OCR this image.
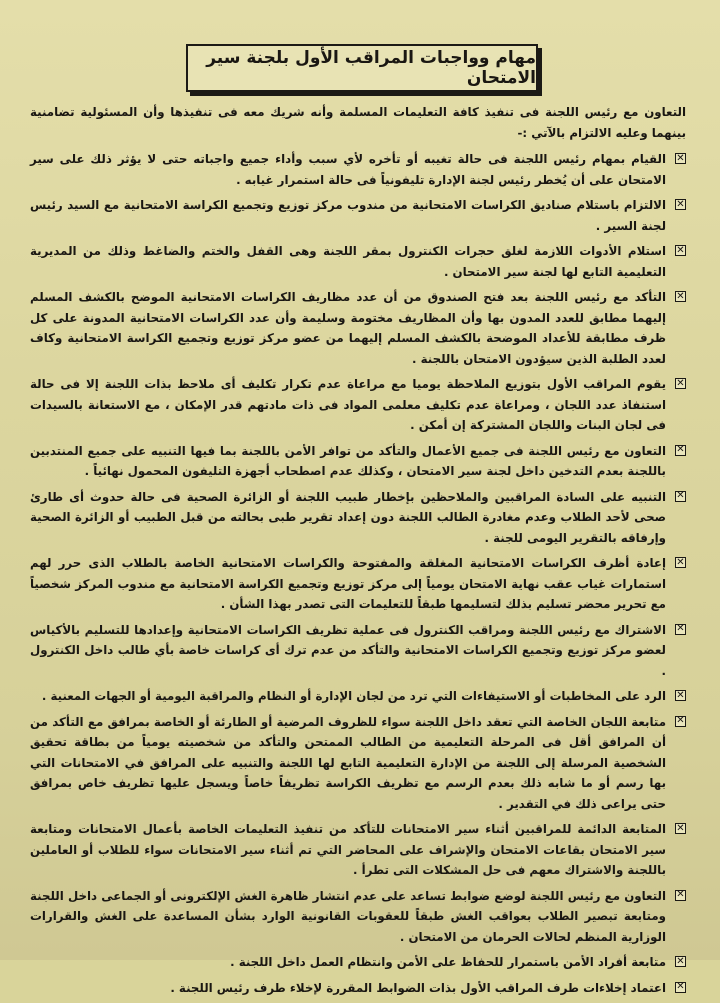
مهام وواجبات المراقب الأول بلجنة سير الامتحان

التعاون مع رئيس اللجنة فى تنفيذ كافة التعليمات المسلمة وأنه شريك معه فى تنفيذها وأن المسئولية تضامنية بينهما وعليه الالتزام بالآتي :-

✕
القيام بمهام رئيس اللجنة فى حالة تغيبه أو تأخره لأي سبب وأداء جميع واجباته حتى لا يؤثر ذلك على سير الامتحان على أن يُخطر رئيس لجنة الإدارة تليفونياً فى حالة استمرار غيابه .
✕
الالتزام باستلام صناديق الكراسات الامتحانية من مندوب مركز توزيع وتجميع الكراسة الامتحانية مع السيد رئيس لجنة السير .
✕
استلام الأدوات اللازمة لغلق حجرات الكنترول بمقر اللجنة وهى القفل والختم والضاغط وذلك من المديرية التعليمية التابع لها لجنة سير الامتحان .
✕
التأكد مع رئيس اللجنة بعد فتح الصندوق من أن عدد مظاريف الكراسات الامتحانية الموضح بالكشف المسلم إليهما مطابق للعدد المدون بها وأن المظاريف مختومة وسليمة وأن عدد الكراسات الامتحانية المدونة على كل ظرف مطابقة للأعداد الموضحة بالكشف المسلم إليهما من عضو مركز توزيع وتجميع الكراسة الامتحانية وكاف لعدد الطلبة الذين سيؤدون الامتحان باللجنة .
✕
يقوم المراقب الأول بتوزيع الملاحظة يوميا مع مراعاة عدم تكرار تكليف أى ملاحظ بذات اللجنة إلا فى حالة استنفاذ عدد اللجان ، ومراعاة عدم تكليف معلمى المواد فى ذات مادتهم قدر الإمكان ، مع الاستعانة بالسيدات فى لجان البنات واللجان المشتركة إن أمكن .
✕
التعاون مع رئيس اللجنة فى جميع الأعمال والتأكد من توافر الأمن باللجنة بما فيها التنبيه على جميع المنتدبين باللجنة بعدم التدخين داخل لجنة سير الامتحان ، وكذلك عدم اصطحاب أجهزة التليفون المحمول نهائياً .
✕
التنبيه على السادة المراقبين والملاحظين بإخطار طبيب اللجنة أو الزائرة الصحية فى حالة حدوث أى طارئ صحى لأحد الطلاب وعدم مغادرة الطالب اللجنة دون إعداد تقرير طبى بحالته من قبل الطبيب أو الزائرة الصحية وإرفاقه بالتقرير اليومى للجنة .
✕
إعادة أظرف الكراسات الامتحانية المغلقة والمفتوحة والكراسات الامتحانية الخاصة بالطلاب الذى حرر لهم استمارات غياب عقب نهاية الامتحان يومياً إلى مركز توزيع وتجميع الكراسة الامتحانية مع مندوب المركز شخصياً مع تحرير محضر تسليم بذلك لتسليمها طبقاً للتعليمات التى تصدر بهذا الشأن .
✕
الاشتراك مع رئيس اللجنة ومراقب الكنترول فى عملية تظريف الكراسات الامتحانية وإعدادها للتسليم بالأكياس لعضو مركز توزيع وتجميع الكراسات الامتحانية والتأكد من عدم ترك أى كراسات خاصة بأي طالب داخل الكنترول .
✕
الرد على المخاطبات أو الاستيفاءات التي ترد من لجان الإدارة أو النظام والمراقبة اليومية أو الجهات المعنية .
✕
متابعة اللجان الخاصة التي تعقد داخل اللجنة سواء للظروف المرضية أو الطارئة أو الخاصة بمرافق مع التأكد من أن المرافق أقل فى المرحلة التعليمية من الطالب الممتحن والتأكد من شخصيته يومياً من بطاقة تحقيق الشخصية المرسلة إلى اللجنة من الإدارة التعليمية التابع لها اللجنة والتنبيه على المرافق في الامتحانات التي بها رسم أو ما شابه ذلك بعدم الرسم مع تظريف الكراسة تظريفاً خاصاً ويسجل عليها تظريف خاص بمرافق حتى يراعى ذلك في التقدير .
✕
المتابعة الدائمة للمراقبين أثناء سير الامتحانات للتأكد من تنفيذ التعليمات الخاصة بأعمال الامتحانات ومتابعة سير الامتحان بقاعات الامتحان والإشراف على المحاضر التي تم أثناء سير الامتحانات سواء للطلاب أو العاملين باللجنة والاشتراك معهم فى حل المشكلات التى تطرأ .
✕
التعاون مع رئيس اللجنة لوضع ضوابط تساعد على عدم انتشار ظاهرة الغش الإلكترونى أو الجماعى داخل اللجنة ومتابعة تبصير الطلاب بعواقب الغش طبقاً للعقوبات القانونية الوارد بشأن المساعدة على الغش والقرارات الوزارية المنظم لحالات الحرمان من الامتحان .
✕
متابعة أفراد الأمن باستمرار للحفاظ على الأمن وانتظام العمل داخل اللجنة .
✕
اعتماد إخلاءات طرف المراقب الأول بذات الضوابط المقررة لإخلاء طرف رئيس اللجنة .
